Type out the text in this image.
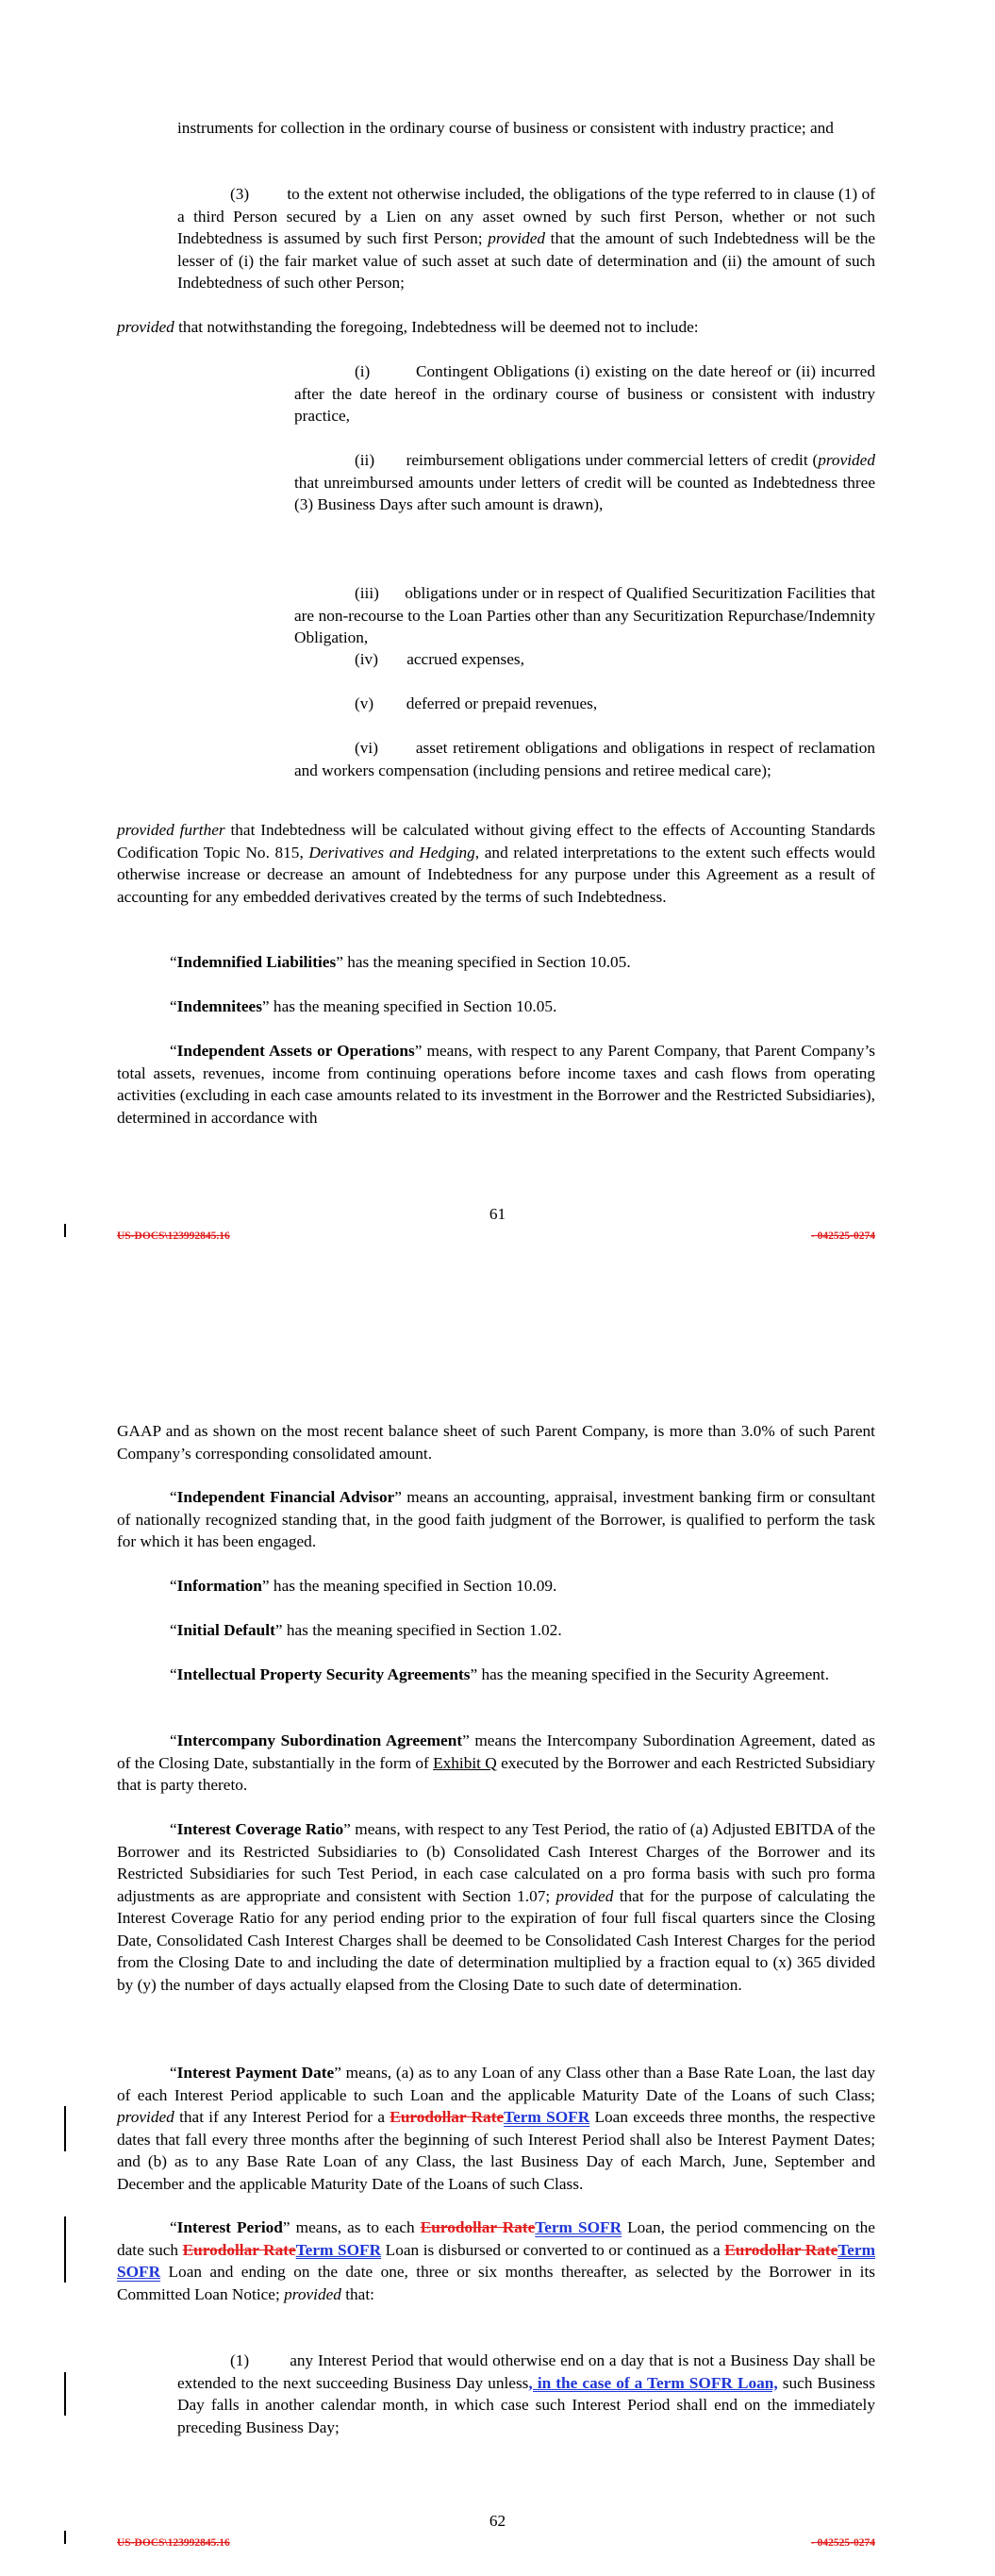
instruments for collection in the ordinary course of business or consistent with industry practice; and

(3) to the extent not otherwise included, the obligations of the type referred to in clause (1) of a third Person secured by a Lien on any asset owned by such first Person, whether or not such Indebtedness is assumed by such first Person; provided that the amount of such Indebtedness will be the lesser of (i) the fair market value of such asset at such date of determination and (ii) the amount of such Indebtedness of such other Person;

provided that notwithstanding the foregoing, Indebtedness will be deemed not to include:

(i)	Contingent Obligations (i) existing on the date hereof or (ii) incurred after the date hereof in the ordinary course of business or consistent with industry practice,

(ii) reimbursement obligations under commercial letters of credit (provided that unreimbursed amounts under letters of credit will be counted as Indebtedness three (3) Business Days after such amount is drawn),

(iii) obligations under or in respect of Qualified Securitization Facilities that are non-recourse to the Loan Parties other than any Securitization Repurchase/Indemnity Obligation,

(iv) accrued expenses,

(v) deferred or prepaid revenues,

(vi) asset retirement obligations and obligations in respect of reclamation and workers compensation (including pensions and retiree medical care);

provided further that Indebtedness will be calculated without giving effect to the effects of Accounting Standards Codification Topic No. 815, Derivatives and Hedging, and related interpretations to the extent such effects would otherwise increase or decrease an amount of Indebtedness for any purpose under this Agreement as a result of accounting for any embedded derivatives created by the terms of such Indebtedness.

“Indemnified Liabilities” has the meaning specified in Section 10.05.

“Indemnitees” has the meaning specified in Section 10.05.

“Independent Assets or Operations” means, with respect to any Parent Company, that Parent Company’s total assets, revenues, income from continuing operations before income taxes and cash flows from operating activities (excluding in each case amounts related to its investment in the Borrower and the Restricted Subsidiaries), determined in accordance with

61
US-DOCS\123992845.16	- 042525-0274

GAAP and as shown on the most recent balance sheet of such Parent Company, is more than 3.0% of such Parent Company’s corresponding consolidated amount.

“Independent Financial Advisor” means an accounting, appraisal, investment banking firm or consultant of nationally recognized standing that, in the good faith judgment of the Borrower, is qualified to perform the task for which it has been engaged.

“Information” has the meaning specified in Section 10.09.

“Initial Default” has the meaning specified in Section 1.02.

“Intellectual Property Security Agreements” has the meaning specified in the Security Agreement.

“Intercompany Subordination Agreement” means the Intercompany Subordination Agreement, dated as of the Closing Date, substantially in the form of Exhibit Q executed by the Borrower and each Restricted Subsidiary that is party thereto.

“Interest Coverage Ratio” means, with respect to any Test Period, the ratio of (a) Adjusted EBITDA of the Borrower and its Restricted Subsidiaries to (b) Consolidated Cash Interest Charges of the Borrower and its Restricted Subsidiaries for such Test Period, in each case calculated on a pro forma basis with such pro forma adjustments as are appropriate and consistent with Section 1.07; provided that for the purpose of calculating the Interest Coverage Ratio for any period ending prior to the expiration of four full fiscal quarters since the Closing Date, Consolidated Cash Interest Charges shall be deemed to be Consolidated Cash Interest Charges for the period from the Closing Date to and including the date of determination multiplied by a fraction equal to (x) 365 divided by (y) the number of days actually elapsed from the Closing Date to such date of determination.

“Interest Payment Date” means, (a) as to any Loan of any Class other than a Base Rate Loan, the last day of each Interest Period applicable to such Loan and the applicable Maturity Date of the Loans of such Class; provided that if any Interest Period for a Eurodollar RateTerm SOFR Loan exceeds three months, the respective dates that fall every three months after the beginning of such Interest Period shall also be Interest Payment Dates; and (b) as to any Base Rate Loan of any Class, the last Business Day of each March, June, September and December and the applicable Maturity Date of the Loans of such Class.

“Interest Period” means, as to each Eurodollar RateTerm SOFR Loan, the period commencing on the date such Eurodollar RateTerm SOFR Loan is disbursed or converted to or continued as a Eurodollar RateTerm SOFR Loan and ending on the date one, three or six months thereafter, as selected by the Borrower in its Committed Loan Notice; provided that:

(1) any Interest Period that would otherwise end on a day that is not a Business Day shall be extended to the next succeeding Business Day unless, in the case of a Term SOFR Loan, such Business Day falls in another calendar month, in which case such Interest Period shall end on the immediately preceding Business Day;

62
US-DOCS\123992845.16	- 042525-0274
